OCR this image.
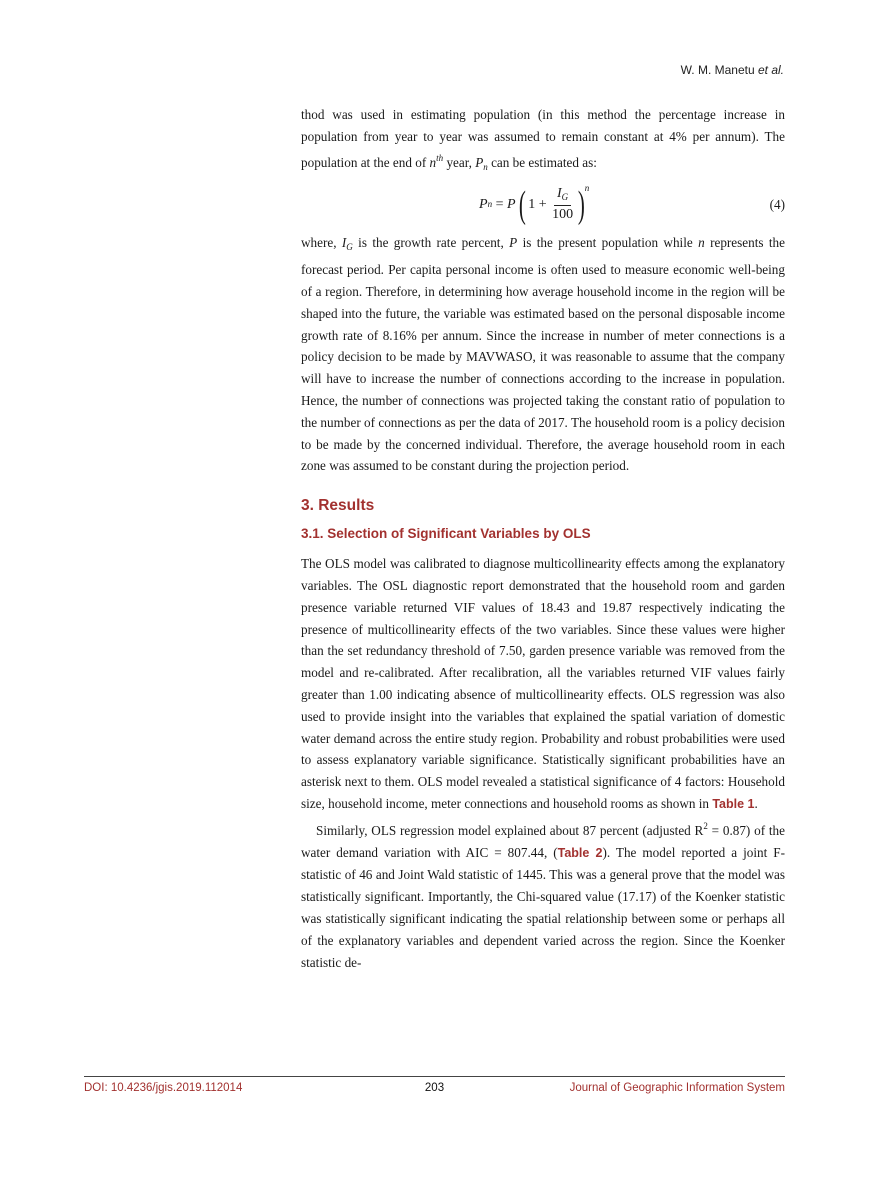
W. M. Manetu et al.

thod was used in estimating population (in this method the percentage increase in population from year to year was assumed to remain constant at 4% per annum). The population at the end of $n^{th}$ year, $P_n$ can be estimated as:

P n = P ( $1 + \frac{I_G}{100}$ ) n
(4)

where, $I_G$ is the growth rate percent, P is the present population while n represents the forecast period. Per capita personal income is often used to measure economic well-being of a region. Therefore, in determining how average household income in the region will be shaped into the future, the variable was estimated based on the personal disposable income growth rate of 8.16% per annum. Since the increase in number of meter connections is a policy decision to be made by MAVWASO, it was reasonable to assume that the company will have to increase the number of connections according to the increase in population. Hence, the number of connections was projected taking the constant ratio of population to the number of connections as per the data of 2017. The household room is a policy decision to be made by the concerned individual. Therefore, the average household room in each zone was assumed to be constant during the projection period.

3. Results
3.1. Selection of Significant Variables by OLS

The OLS model was calibrated to diagnose multicollinearity effects among the explanatory variables. The OSL diagnostic report demonstrated that the household room and garden presence variable returned VIF values of 18.43 and 19.87 respectively indicating the presence of multicollinearity effects of the two variables. Since these values were higher than the set redundancy threshold of 7.50, garden presence variable was removed from the model and re-calibrated. After recalibration, all the variables returned VIF values fairly greater than 1.00 indicating absence of multicollinearity effects. OLS regression was also used to provide insight into the variables that explained the spatial variation of domestic water demand across the entire study region. Probability and robust probabilities were used to assess explanatory variable significance. Statistically significant probabilities have an asterisk next to them. OLS model revealed a statistical significance of 4 factors: Household size, household income, meter connections and household rooms as shown in Table 1.

Similarly, OLS regression model explained about 87 percent (adjusted $R^2 = 0.87$) of the water demand variation with AIC = 807.44, (Table 2). The model reported a joint F-statistic of 46 and Joint Wald statistic of 1445. This was a general prove that the model was statistically significant. Importantly, the Chi-squared value (17.17) of the Koenker statistic was statistically significant indicating the spatial relationship between some or perhaps all of the explanatory variables and dependent varied across the region. Since the Koenker statistic de-

DOI: 10.4236/jgis.2019.112014	203	Journal of Geographic Information System
